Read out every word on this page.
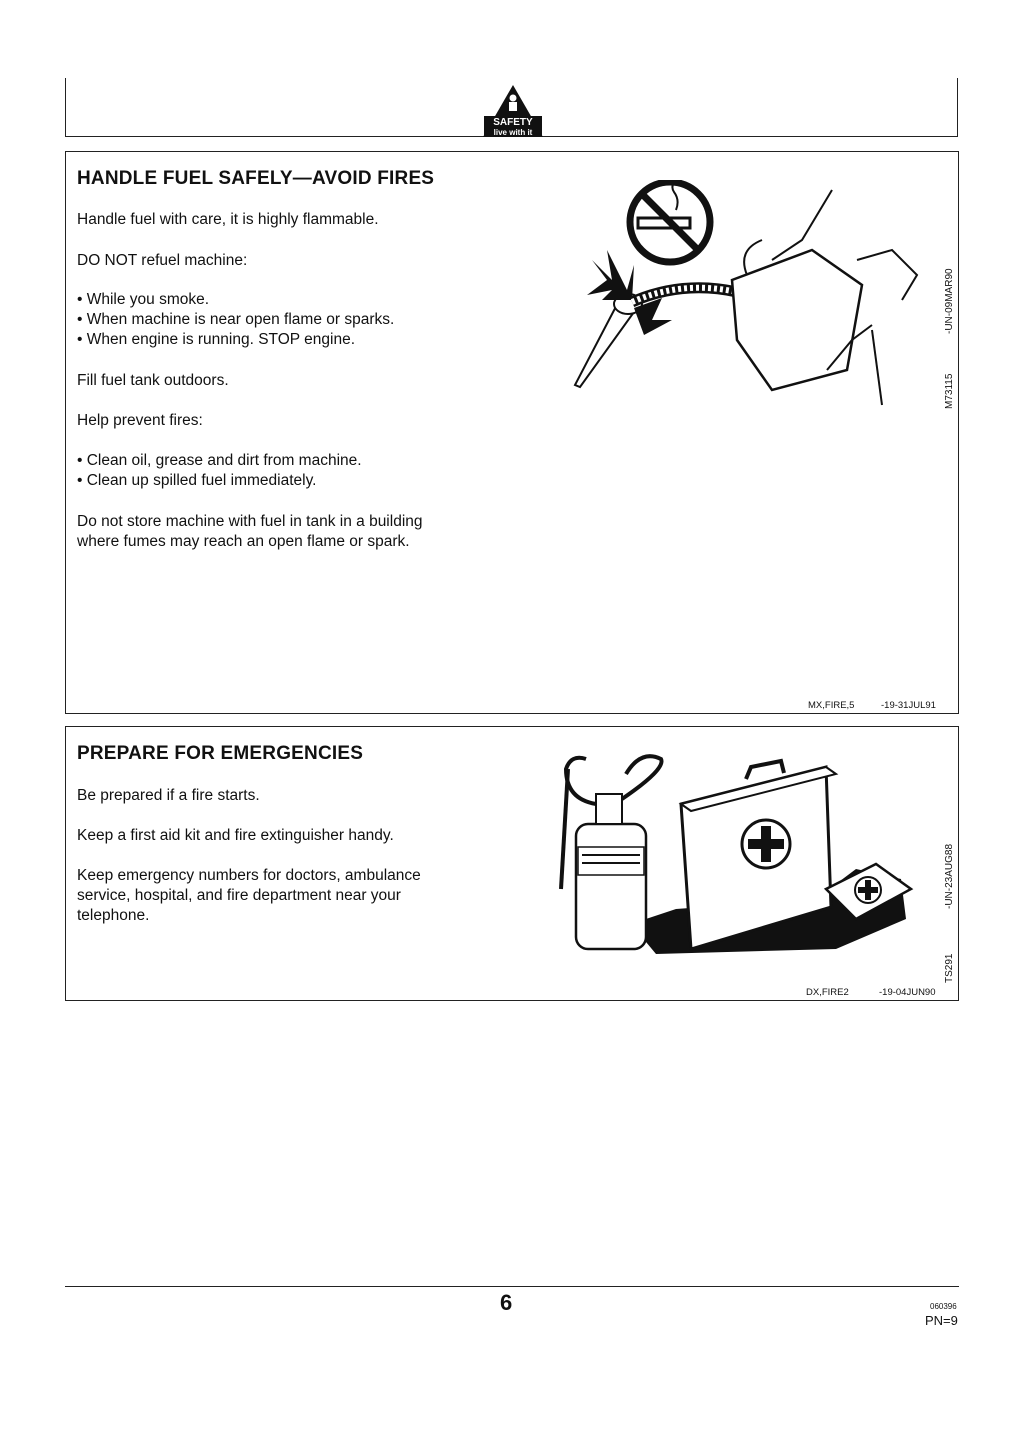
SAFETY
live with it
HANDLE FUEL SAFELY—AVOID FIRES

Handle fuel with care, it is highly flammable.

DO NOT refuel machine:

• While you smoke.
• When machine is near open flame or sparks.
• When engine is running. STOP engine.

Fill fuel tank outdoors.

Help prevent fires:

• Clean oil, grease and dirt from machine.
• Clean up spilled fuel immediately.

Do not store machine with fuel in tank in a building
where fumes may reach an open flame or spark.

-UN-09MAR90
M73115
MX,FIRE,5	-19-31JUL91
PREPARE FOR EMERGENCIES

Be prepared if a fire starts.

Keep a first aid kit and fire extinguisher handy.

Keep emergency numbers for doctors, ambulance
service, hospital, and fire department near your
telephone.

-UN-23AUG88
TS291
DX,FIRE2	-19-04JUN90
6	060396
PN=9
